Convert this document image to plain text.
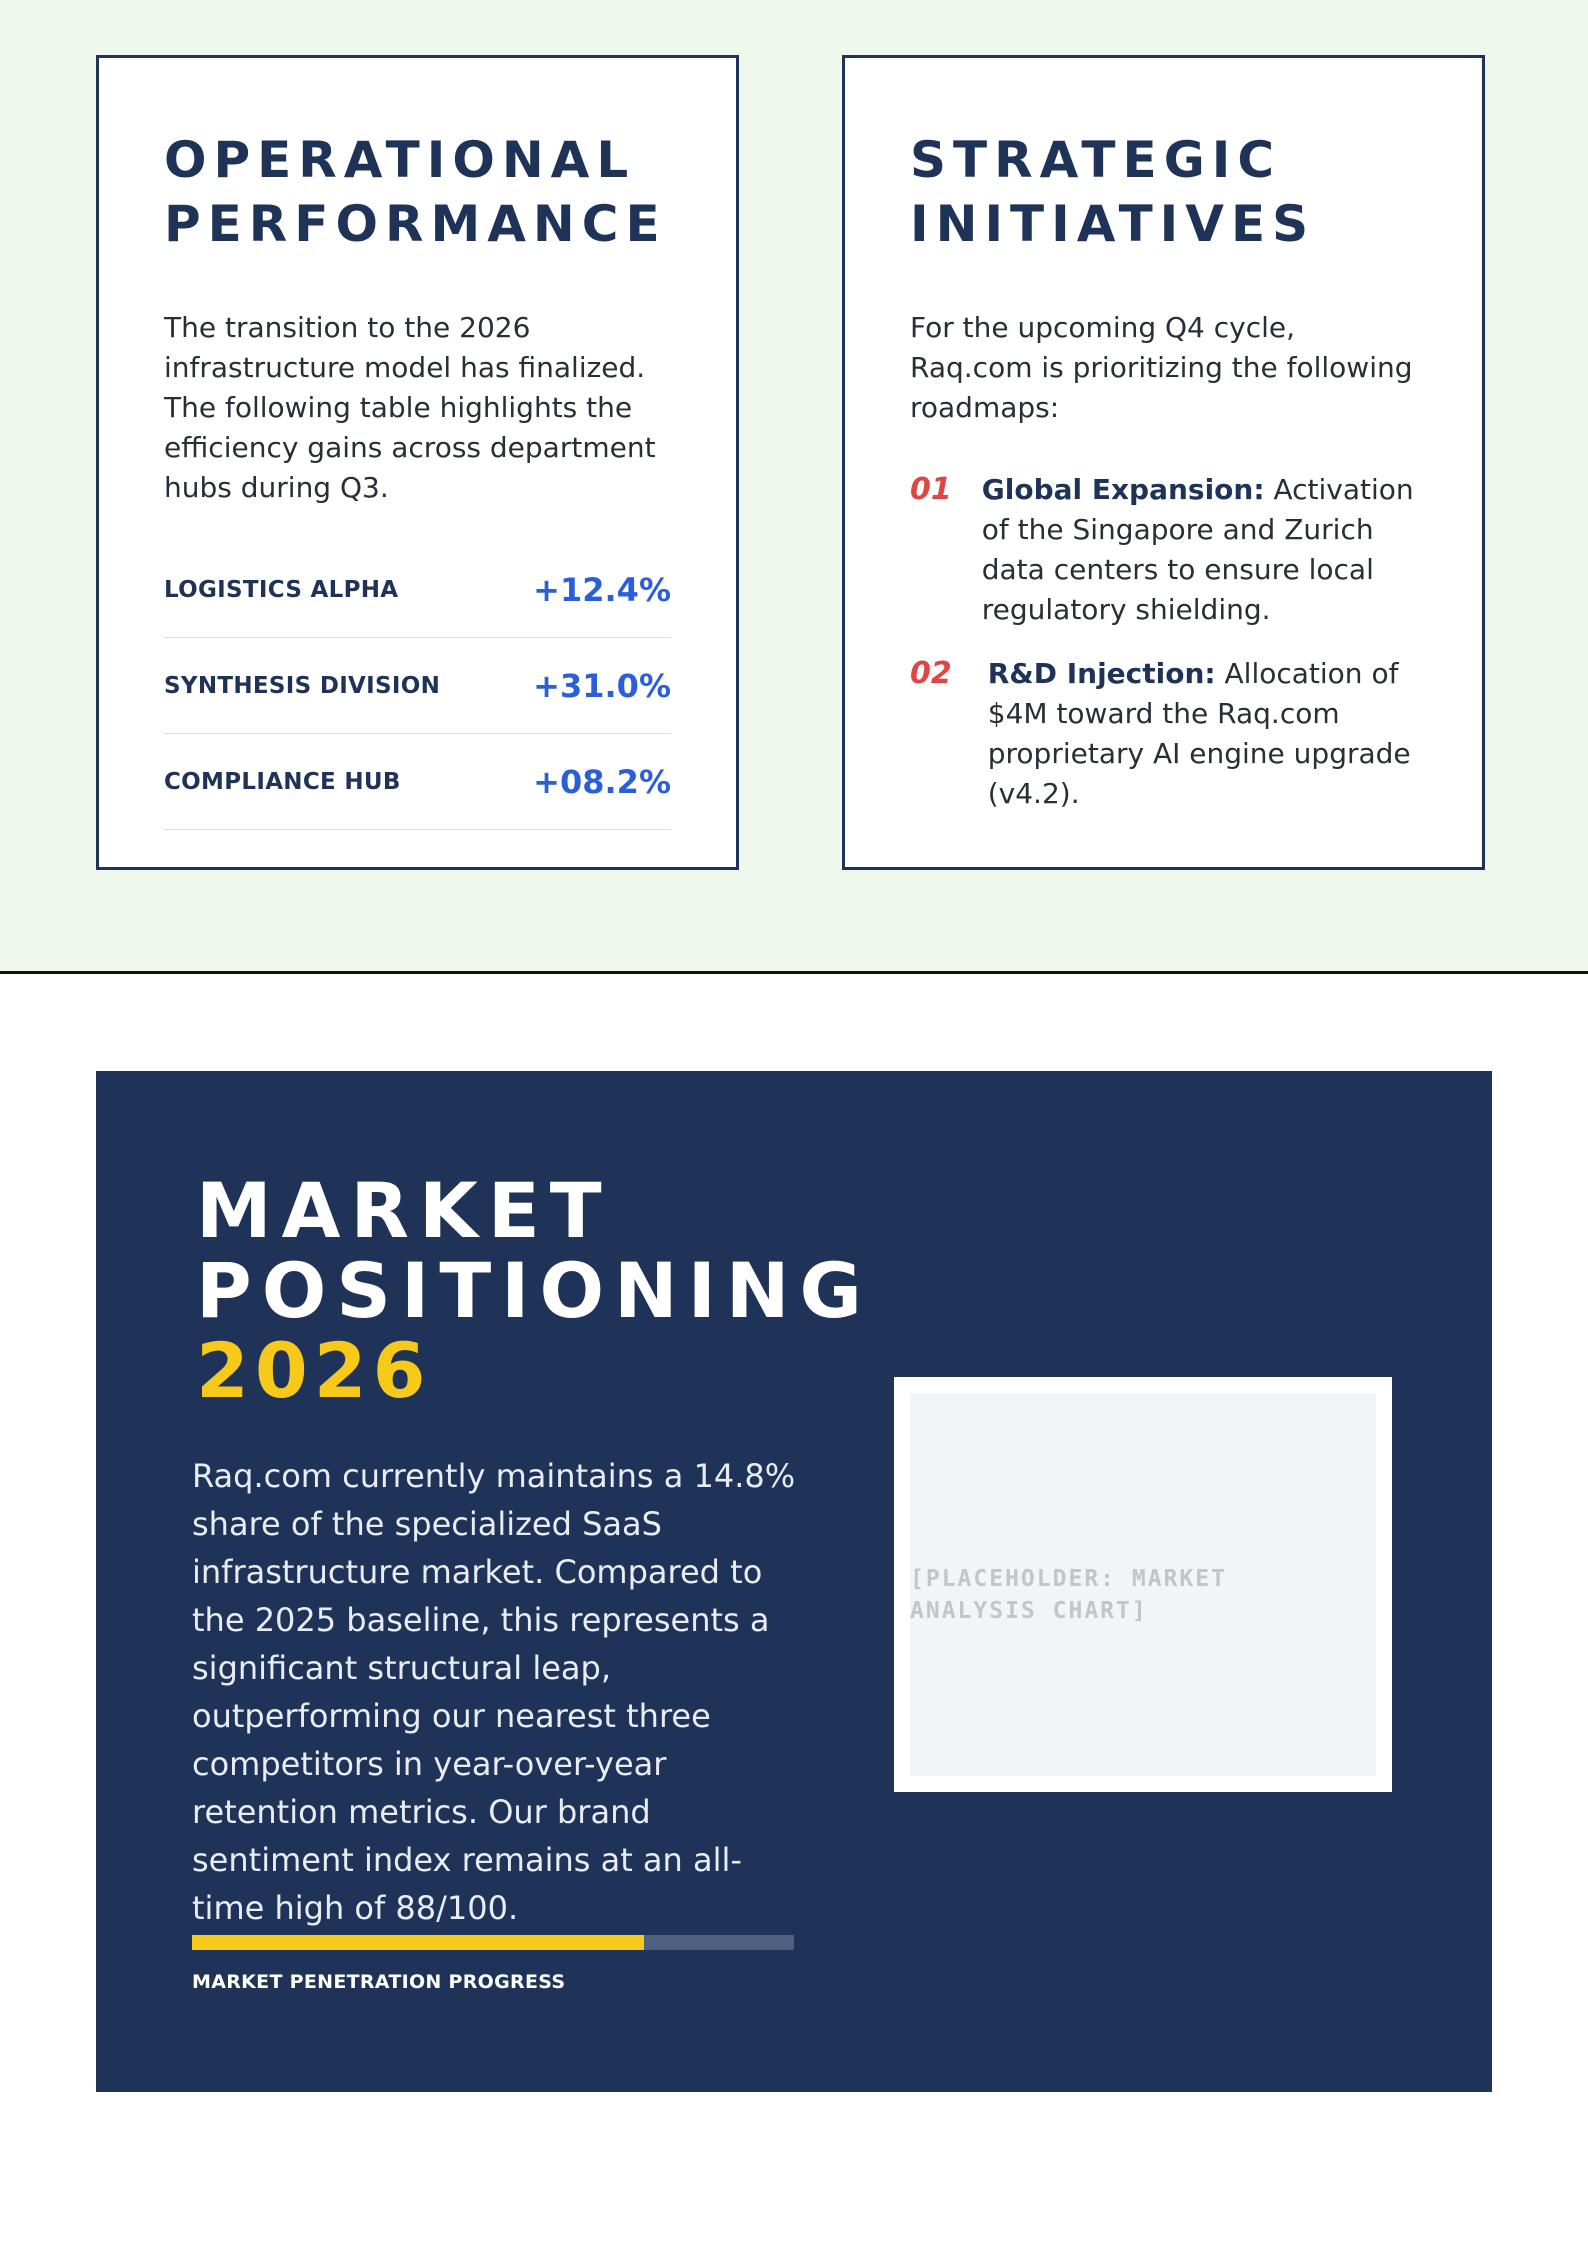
OPERATIONAL
PERFORMANCE

The transition to the 2026 infrastructure model has finalized. The following table highlights the efficiency gains across department hubs during Q3.

LOGISTICS ALPHA	+12.4%
SYNTHESIS DIVISION	+31.0%
COMPLIANCE HUB	+08.2%
STRATEGIC
INITIATIVES

For the upcoming Q4 cycle, Raq.com is prioritizing the following roadmaps:

01 Global Expansion: Activation of the Singapore and Zurich data centers to ensure local regulatory shielding.
02 R&D Injection: Allocation of $4M toward the Raq.com proprietary AI engine upgrade (v4.2).
MARKET
POSITIONING
2026

Raq.com currently maintains a 14.8% share of the specialized SaaS infrastructure market. Compared to the 2025 baseline, this represents a significant structural leap, outperforming our nearest three competitors in year-over-year retention metrics. Our brand sentiment index remains at an all-time high of 88/100.

MARKET PENETRATION PROGRESS
[PLACEHOLDER: MARKET ANALYSIS CHART]
